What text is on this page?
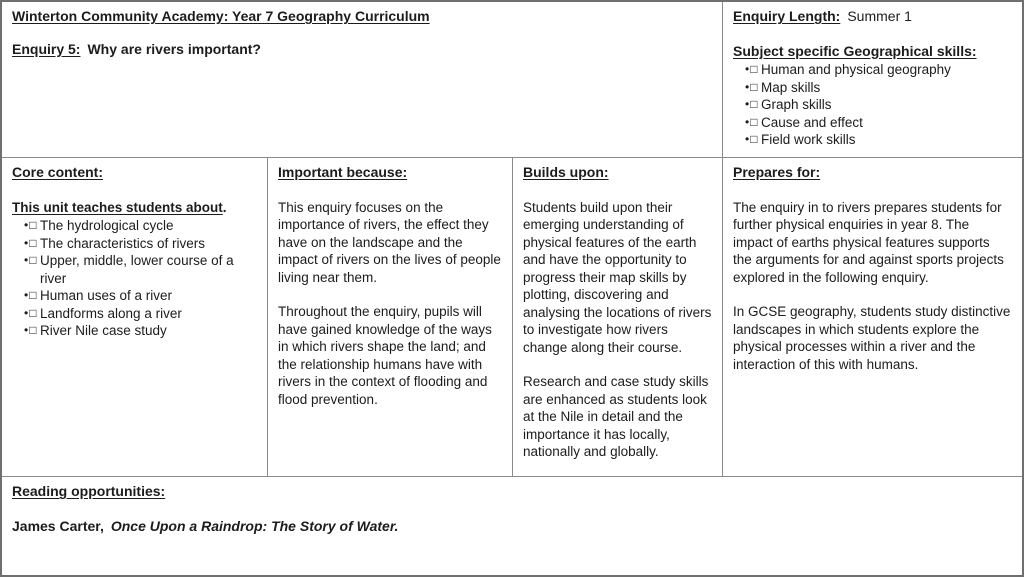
Winterton Community Academy: Year 7 Geography Curriculum
Enquiry 5: Why are rivers important?
Enquiry Length: Summer 1
Subject specific Geographical skills:
•□ Human and physical geography
•□ Map skills
•□ Graph skills
•□ Cause and effect
•□ Field work skills
Core content:
This unit teaches students about.
•□ The hydrological cycle
•□ The characteristics of rivers
•□ Upper, middle, lower course of a river
•□ Human uses of a river
•□ Landforms along a river
•□ River Nile case study
Important because:

This enquiry focuses on the importance of rivers, the effect they have on the landscape and the impact of rivers on the lives of people living near them.

Throughout the enquiry, pupils will have gained knowledge of the ways in which rivers shape the land; and the relationship humans have with rivers in the context of flooding and flood prevention.

Builds upon:

Students build upon their emerging understanding of physical features of the earth and have the opportunity to progress their map skills by plotting, discovering and analysing the locations of rivers to investigate how rivers change along their course.

Research and case study skills are enhanced as students look at the Nile in detail and the importance it has locally, nationally and globally.

Prepares for:

The enquiry in to rivers prepares students for further physical enquiries in year 8. The impact of earths physical features supports the arguments for and against sports projects explored in the following enquiry.

In GCSE geography, students study distinctive landscapes in which students explore the physical processes within a river and the interaction of this with humans.

Reading opportunities:
James Carter, Once Upon a Raindrop: The Story of Water.
